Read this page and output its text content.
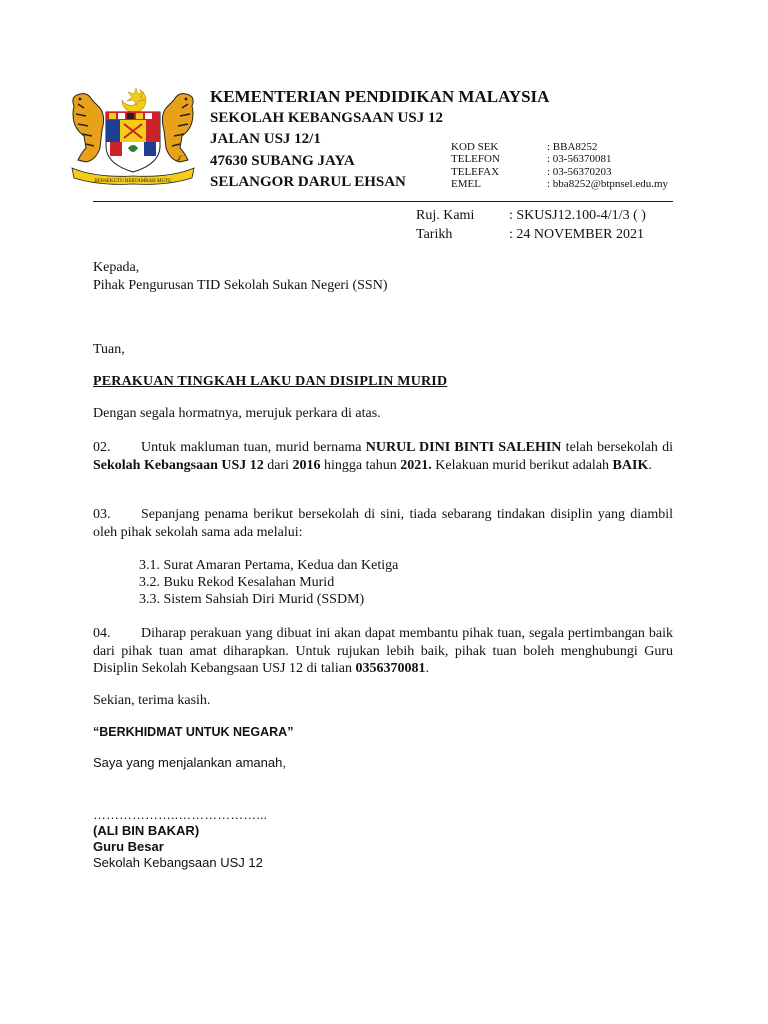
BERSEKUTU BERTAMBAH MUTU
𝒥
KEMENTERIAN PENDIDIKAN MALAYSIA
SEKOLAH KEBANGSAAN USJ 12
JALAN USJ 12/1
47630 SUBANG JAYA
SELANGOR DARUL EHSAN
KOD SEK	: BBA8252
TELEFON	: 03-56370081
TELEFAX	: 03-56370203
EMEL	: bba8252@btpnsel.edu.my
Ruj. Kami	: SKUSJ12.100-4/1/3 ( )
Tarikh	: 24 NOVEMBER 2021
Kepada,
Pihak Pengurusan TID Sekolah Sukan Negeri (SSN)
Tuan,
PERAKUAN TINGKAH LAKU DAN DISIPLIN MURID
Dengan segala hormatnya, merujuk perkara di atas.

02. Untuk makluman tuan, murid bernama NURUL DINI BINTI SALEHIN telah bersekolah di Sekolah Kebangsaan USJ 12 dari 2016 hingga tahun 2021. Kelakuan murid berikut adalah BAIK.

03. Sepanjang penama berikut bersekolah di sini, tiada sebarang tindakan disiplin yang diambil oleh pihak sekolah sama ada melalui:

3.1. Surat Amaran Pertama, Kedua dan Ketiga
3.2. Buku Rekod Kesalahan Murid
3.3. Sistem Sahsiah Diri Murid (SSDM)

04. Diharap perakuan yang dibuat ini akan dapat membantu pihak tuan, segala pertimbangan baik dari pihak tuan amat diharapkan. Untuk rujukan lebih baik, pihak tuan boleh menghubungi Guru Disiplin Sekolah Kebangsaan USJ 12 di talian 0356370081.

Sekian, terima kasih.
“BERKHIDMAT UNTUK NEGARA”
Saya yang menjalankan amanah,
………………..………………...
(ALI BIN BAKAR)
Guru Besar
Sekolah Kebangsaan USJ 12
